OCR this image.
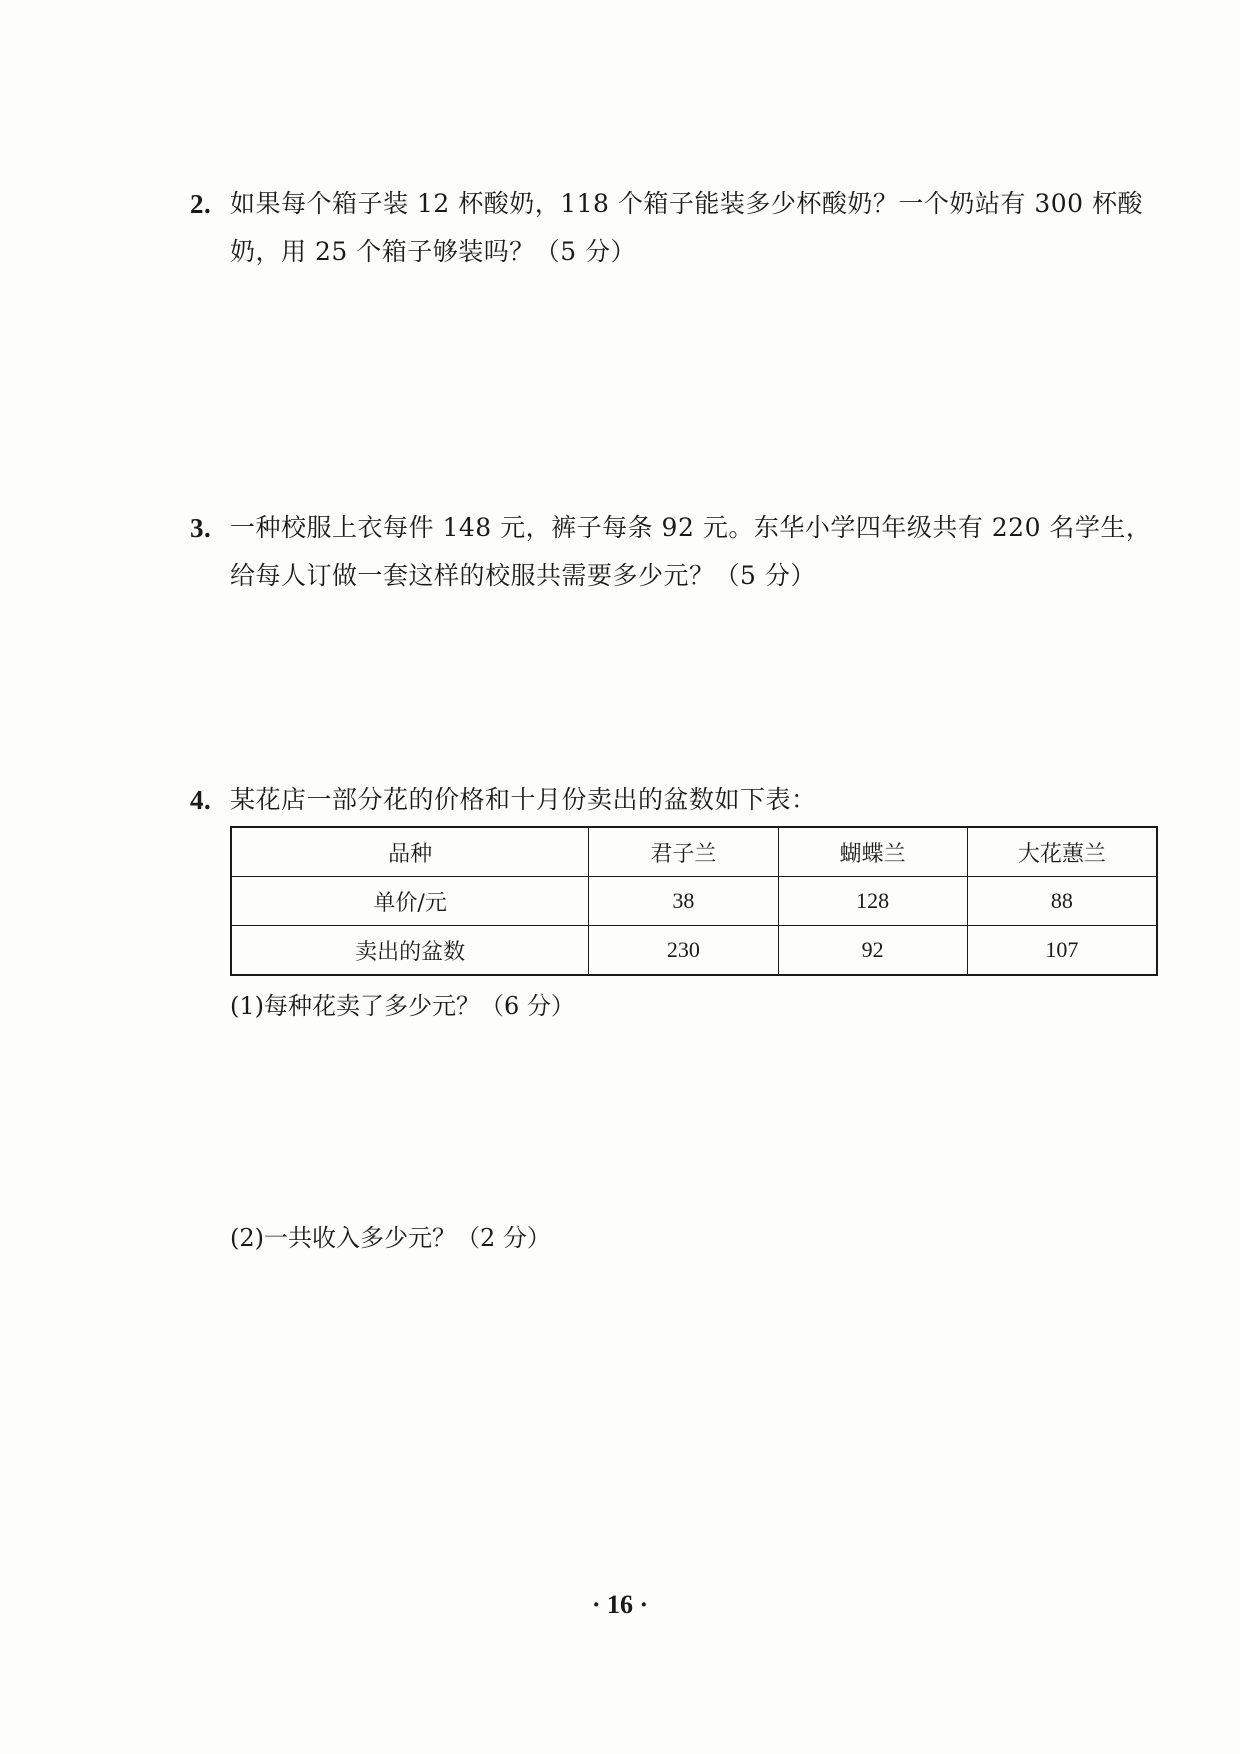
2. 如果每个箱子装 12 杯酸奶，118 个箱子能装多少杯酸奶？一个奶站有 300 杯酸奶，用 25 个箱子够装吗？（5 分）
3. 一种校服上衣每件 148 元，裤子每条 92 元。东华小学四年级共有 220 名学生，给每人订做一套这样的校服共需要多少元？（5 分）
4. 某花店一部分花的价格和十月份卖出的盆数如下表：
品种	君子兰	蝴蝶兰	大花蕙兰
单价/元	38	128	88
卖出的盆数	230	92	107
(1)每种花卖了多少元？（6 分）
(2)一共收入多少元？（2 分）
· 16 ·
